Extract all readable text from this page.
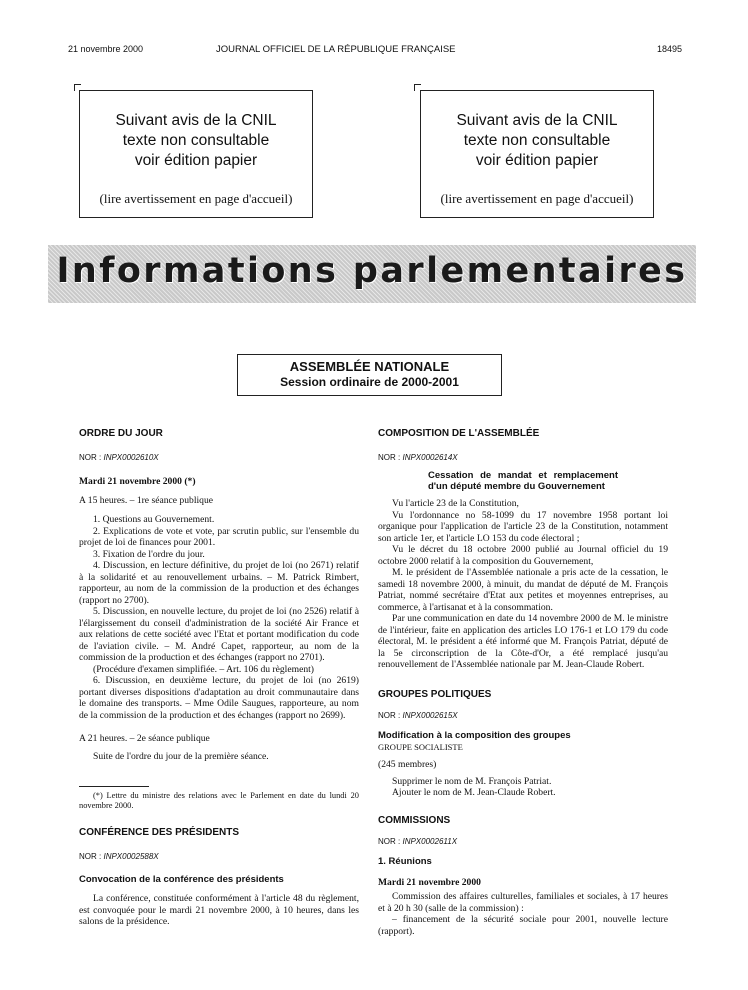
21 novembre 2000	JOURNAL OFFICIEL DE LA RÉPUBLIQUE FRANÇAISE	18495
Suivant avis de la CNIL
texte non consultable
voir édition papier
(lire avertissement en page d'accueil)
Suivant avis de la CNIL
texte non consultable
voir édition papier
(lire avertissement en page d'accueil)
Informations parlementaires
ASSEMBLÉE NATIONALE
Session ordinaire de 2000-2001

ORDRE DU JOUR

NOR : INPX0002610X

Mardi 21 novembre 2000 (*)

A 15 heures. – 1re séance publique

1. Questions au Gouvernement.

2. Explications de vote et vote, par scrutin public, sur l'ensemble du projet de loi de finances pour 2001.

3. Fixation de l'ordre du jour.

4. Discussion, en lecture définitive, du projet de loi (no 2671) relatif à la solidarité et au renouvellement urbains. – M. Patrick Rimbert, rapporteur, au nom de la commission de la production et des échanges (rapport no 2700).

5. Discussion, en nouvelle lecture, du projet de loi (no 2526) relatif à l'élargissement du conseil d'administration de la société Air France et aux relations de cette société avec l'Etat et portant modification du code de l'aviation civile. – M. André Capet, rapporteur, au nom de la commission de la production et des échanges (rapport no 2701).

(Procédure d'examen simplifiée. – Art. 106 du règlement)

6. Discussion, en deuxième lecture, du projet de loi (no 2619) portant diverses dispositions d'adaptation au droit communautaire dans le domaine des transports. – Mme Odile Saugues, rapporteure, au nom de la commission de la production et des échanges (rapport no 2699).

A 21 heures. – 2e séance publique

Suite de l'ordre du jour de la première séance.

(*) Lettre du ministre des relations avec le Parlement en date du lundi 20 novembre 2000.

CONFÉRENCE DES PRÉSIDENTS

NOR : INPX0002588X

Convocation de la conférence des présidents

La conférence, constituée conformément à l'article 48 du règlement, est convoquée pour le mardi 21 novembre 2000, à 10 heures, dans les salons de la présidence.

COMPOSITION DE L'ASSEMBLÉE

NOR : INPX0002614X

Cessation de mandat et remplacement d'un député membre du Gouvernement

Vu l'article 23 de la Constitution,

Vu l'ordonnance no 58-1099 du 17 novembre 1958 portant loi organique pour l'application de l'article 23 de la Constitution, notamment son article 1er, et l'article LO 153 du code électoral ;

Vu le décret du 18 octobre 2000 publié au Journal officiel du 19 octobre 2000 relatif à la composition du Gouvernement,

M. le président de l'Assemblée nationale a pris acte de la cessation, le samedi 18 novembre 2000, à minuit, du mandat de député de M. François Patriat, nommé secrétaire d'Etat aux petites et moyennes entreprises, au commerce, à l'artisanat et à la consommation.

Par une communication en date du 14 novembre 2000 de M. le ministre de l'intérieur, faite en application des articles LO 176-1 et LO 179 du code électoral, M. le président a été informé que M. François Patriat, député de la 5e circonscription de la Côte-d'Or, a été remplacé jusqu'au renouvellement de l'Assemblée nationale par M. Jean-Claude Robert.

GROUPES POLITIQUES

NOR : INPX0002615X

Modification à la composition des groupes

GROUPE SOCIALISTE

(245 membres)

Supprimer le nom de M. François Patriat.

Ajouter le nom de M. Jean-Claude Robert.

COMMISSIONS

NOR : INPX0002611X

1. Réunions

Mardi 21 novembre 2000

Commission des affaires culturelles, familiales et sociales, à 17 heures et à 20 h 30 (salle de la commission) :

– financement de la sécurité sociale pour 2001, nouvelle lecture (rapport).
